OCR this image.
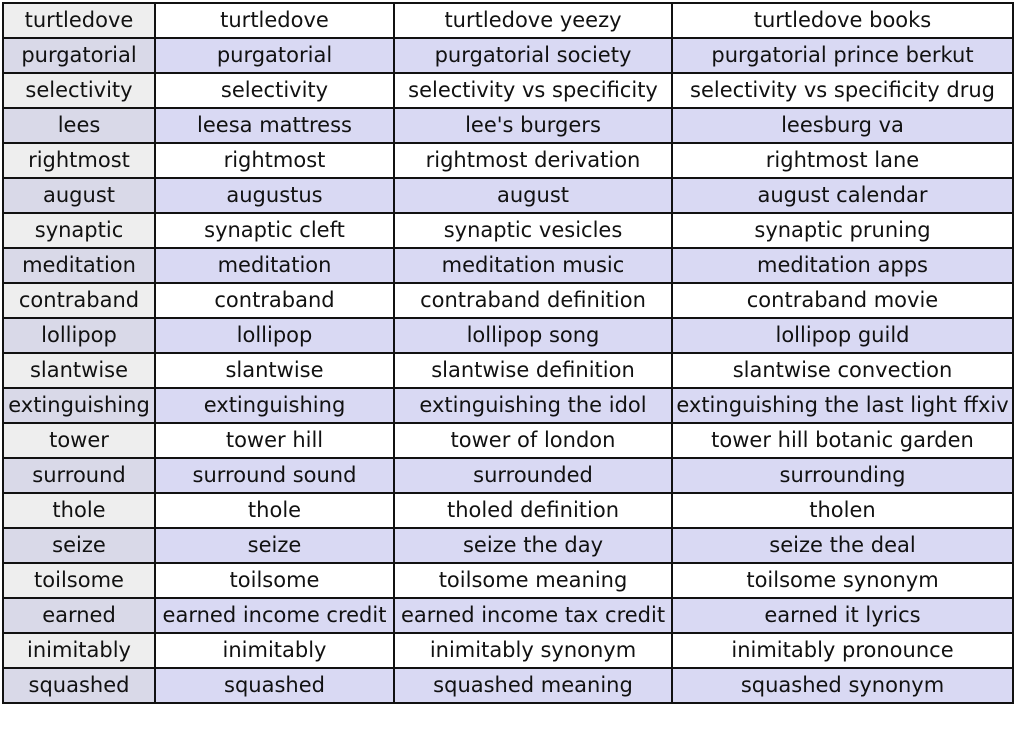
turtledove	turtledove	turtledove yeezy	turtledove books
purgatorial	purgatorial	purgatorial society	purgatorial prince berkut
selectivity	selectivity	selectivity vs specificity	selectivity vs specificity drug
lees	leesa mattress	lee's burgers	leesburg va
rightmost	rightmost	rightmost derivation	rightmost lane
august	augustus	august	august calendar
synaptic	synaptic cleft	synaptic vesicles	synaptic pruning
meditation	meditation	meditation music	meditation apps
contraband	contraband	contraband definition	contraband movie
lollipop	lollipop	lollipop song	lollipop guild
slantwise	slantwise	slantwise definition	slantwise convection
extinguishing	extinguishing	extinguishing the idol	extinguishing the last light ffxiv
tower	tower hill	tower of london	tower hill botanic garden
surround	surround sound	surrounded	surrounding
thole	thole	tholed definition	tholen
seize	seize	seize the day	seize the deal
toilsome	toilsome	toilsome meaning	toilsome synonym
earned	earned income credit	earned income tax credit	earned it lyrics
inimitably	inimitably	inimitably synonym	inimitably pronounce
squashed	squashed	squashed meaning	squashed synonym
